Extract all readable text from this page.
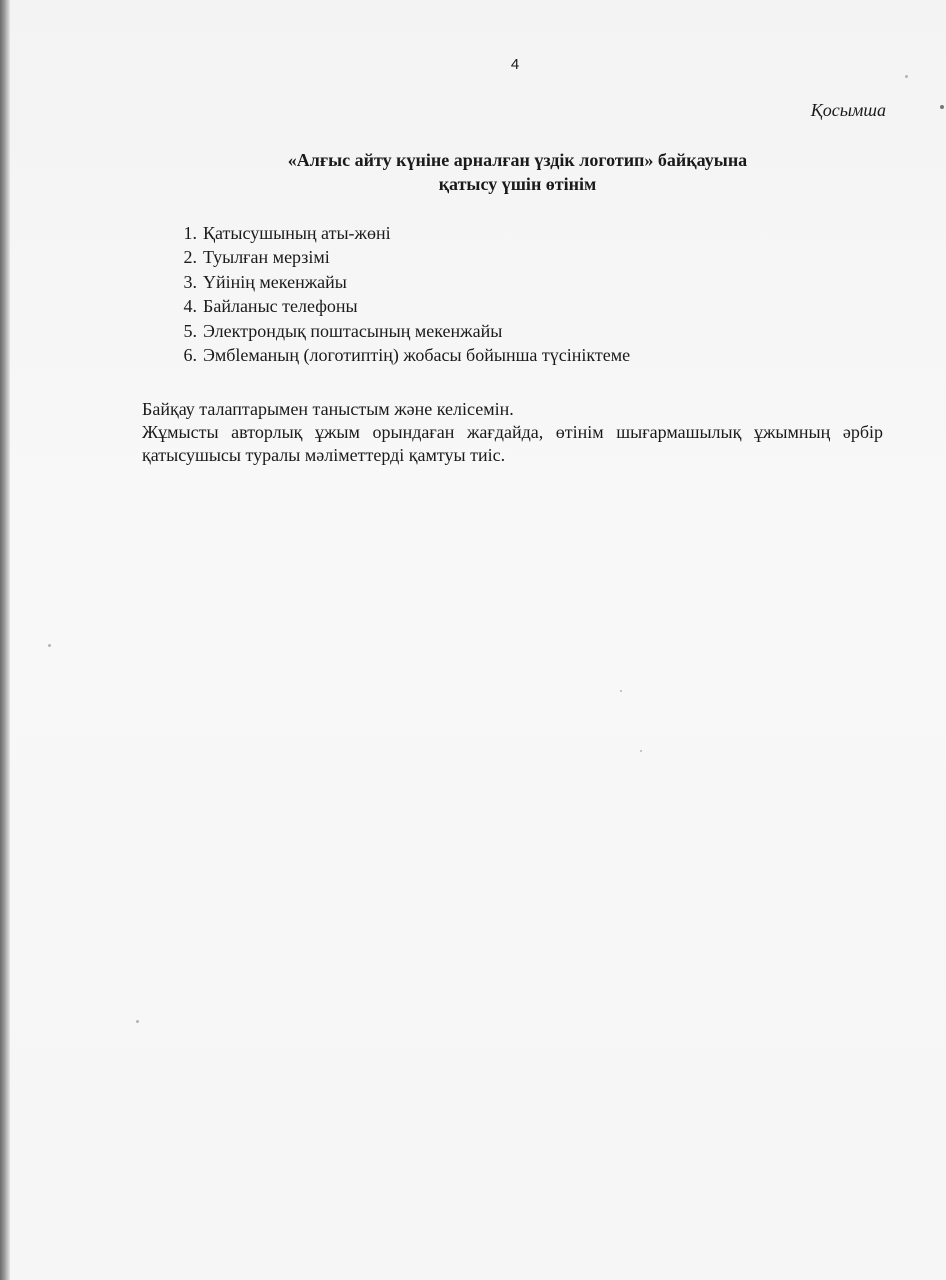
4
Қосымша
«Алғыс айту күніне арналған үздік логотип» байқауына
қатысу үшін өтінім
1. Қатысушының аты-жөні
2. Туылған мерзімі
3. Үйінің мекенжайы
4. Байланыс телефоны
5. Электрондық поштасының мекенжайы
6. Эмбleманың (логотиптің) жобасы бойынша түсініктеме
Байқау талаптарымен таныстым және келісемін.
Жұмысты авторлық ұжым орындаған жағдайда, өтінім шығармашылық ұжымның әрбір қатысушысы туралы мәліметтерді қамтуы тиіс.
